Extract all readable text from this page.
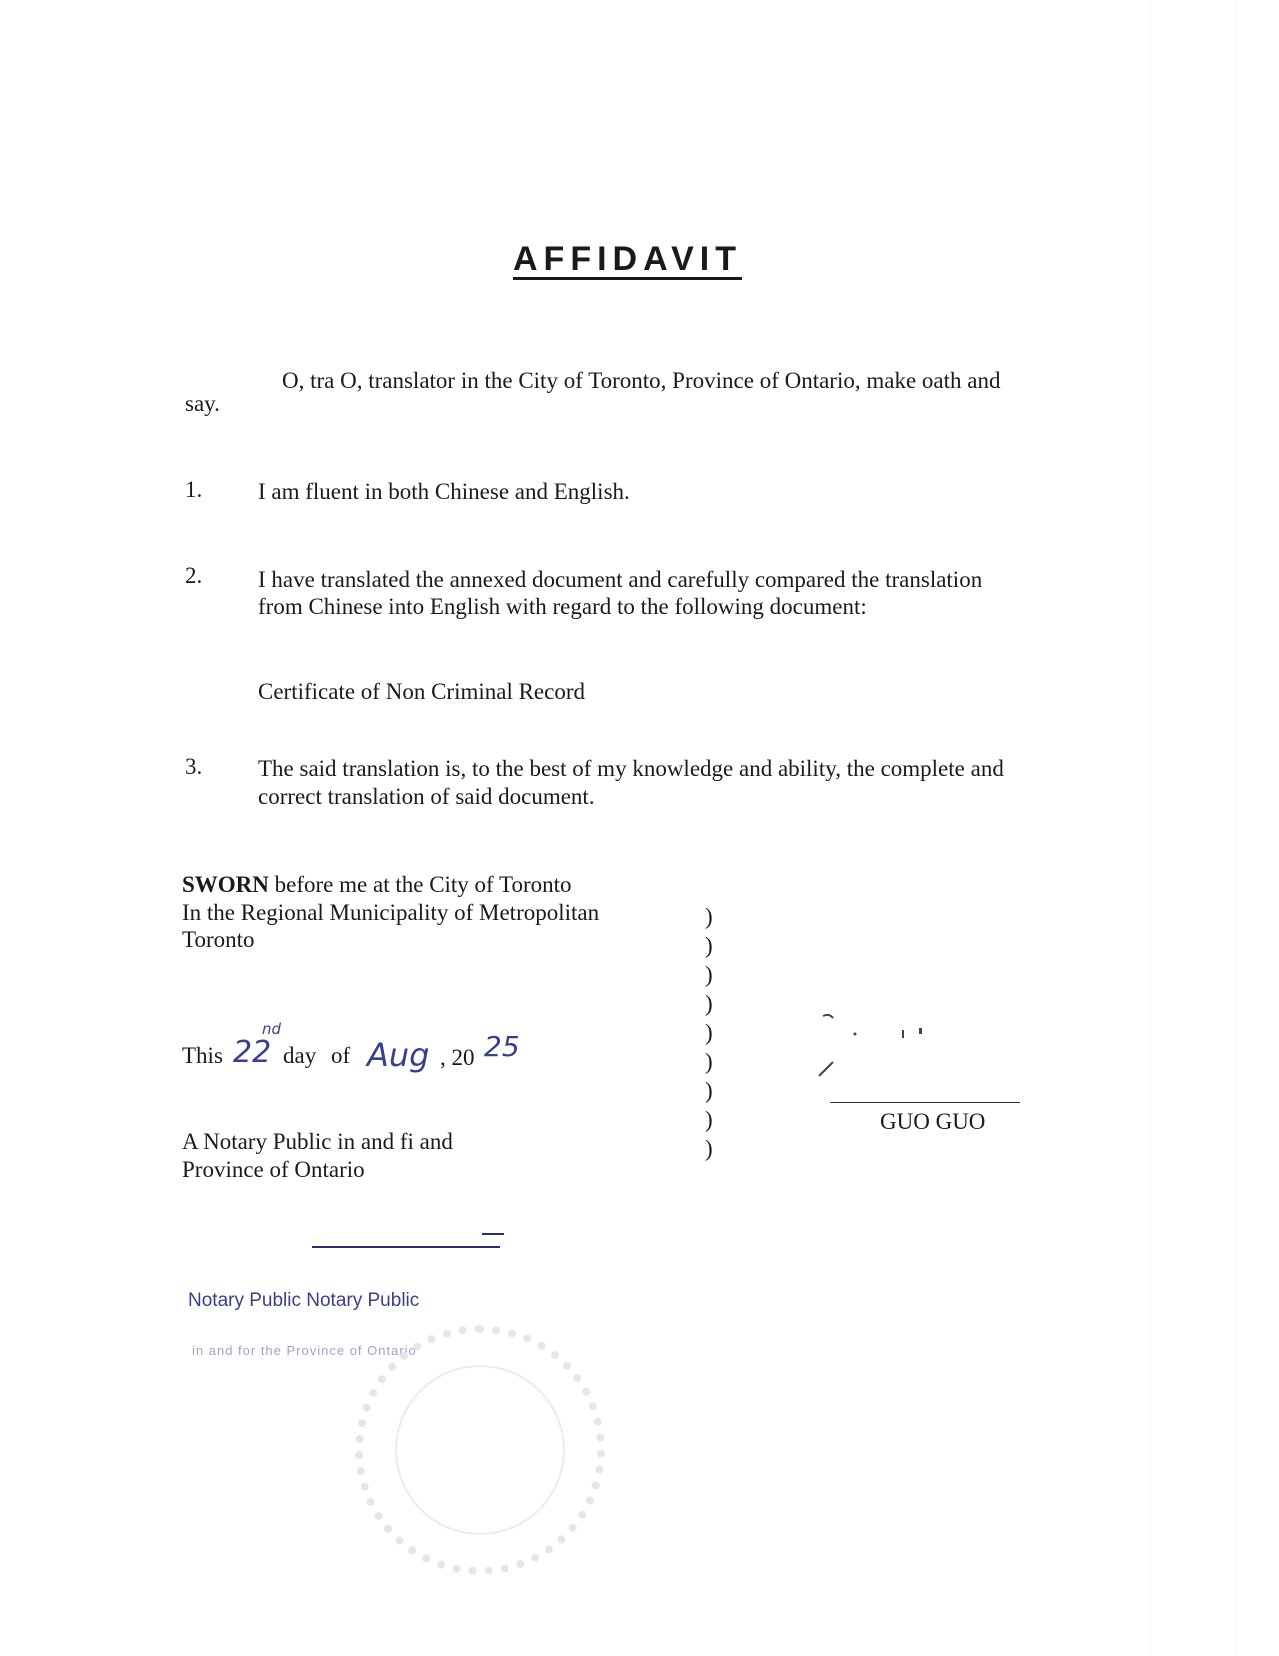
AFFIDAVIT
O, tra O, translator in the City of Toronto, Province of Ontario, make oath and
say.
1. I am fluent in both Chinese and English.
2. I have translated the annexed document and carefully compared the translation
from Chinese into English with regard to the following document:
Certificate of Non Criminal Record
3. The said translation is, to the best of my knowledge and ability, the complete and
correct translation of said document.
SWORN before me at the City of Toronto
In the Regional Municipality of Metropolitan
Toronto
This 22
nd
day of Aug , 20 25
A Notary Public in and fi and
Province of Ontario
)
)
)
)
)
)
)
)
)
GUO GUO
Notary Public Notary Public
in and for the Province of Ontario
